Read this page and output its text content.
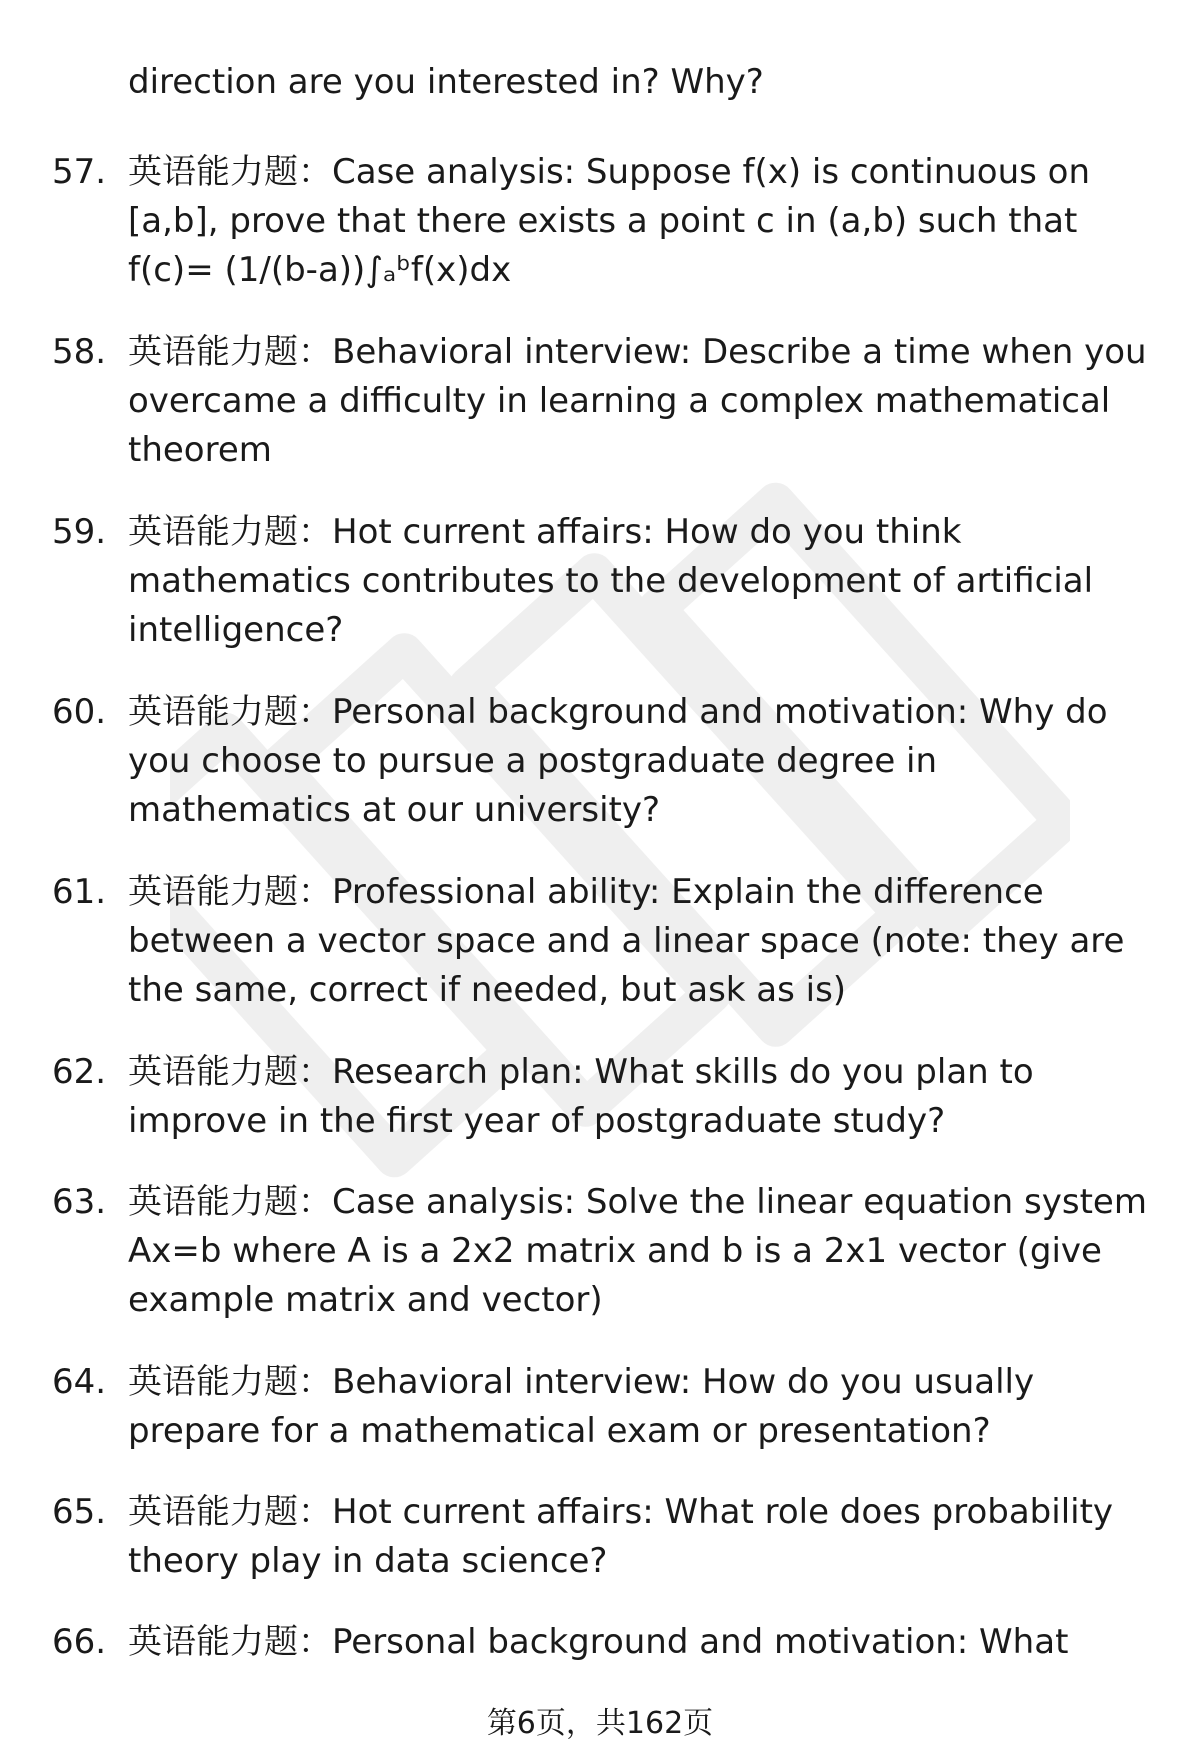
direction are you interested in? Why?
57. 英语能力题：Case analysis: Suppose f(x) is continuous on [a,b], prove that there exists a point c in (a,b) such that f(c)= (1/(b-a))∫ₐᵇf(x)dx
58. 英语能力题：Behavioral interview: Describe a time when you overcame a difficulty in learning a complex mathematical theorem
59. 英语能力题：Hot current affairs: How do you think mathematics contributes to the development of artificial intelligence?
60. 英语能力题：Personal background and motivation: Why do you choose to pursue a postgraduate degree in mathematics at our university?
61. 英语能力题：Professional ability: Explain the difference between a vector space and a linear space (note: they are the same, correct if needed, but ask as is)
62. 英语能力题：Research plan: What skills do you plan to improve in the first year of postgraduate study?
63. 英语能力题：Case analysis: Solve the linear equation system Ax=b where A is a 2x2 matrix and b is a 2x1 vector (give example matrix and vector)
64. 英语能力题：Behavioral interview: How do you usually prepare for a mathematical exam or presentation?
65. 英语能力题：Hot current affairs: What role does probability theory play in data science?
66. 英语能力题：Personal background and motivation: What
第6页，共162页
